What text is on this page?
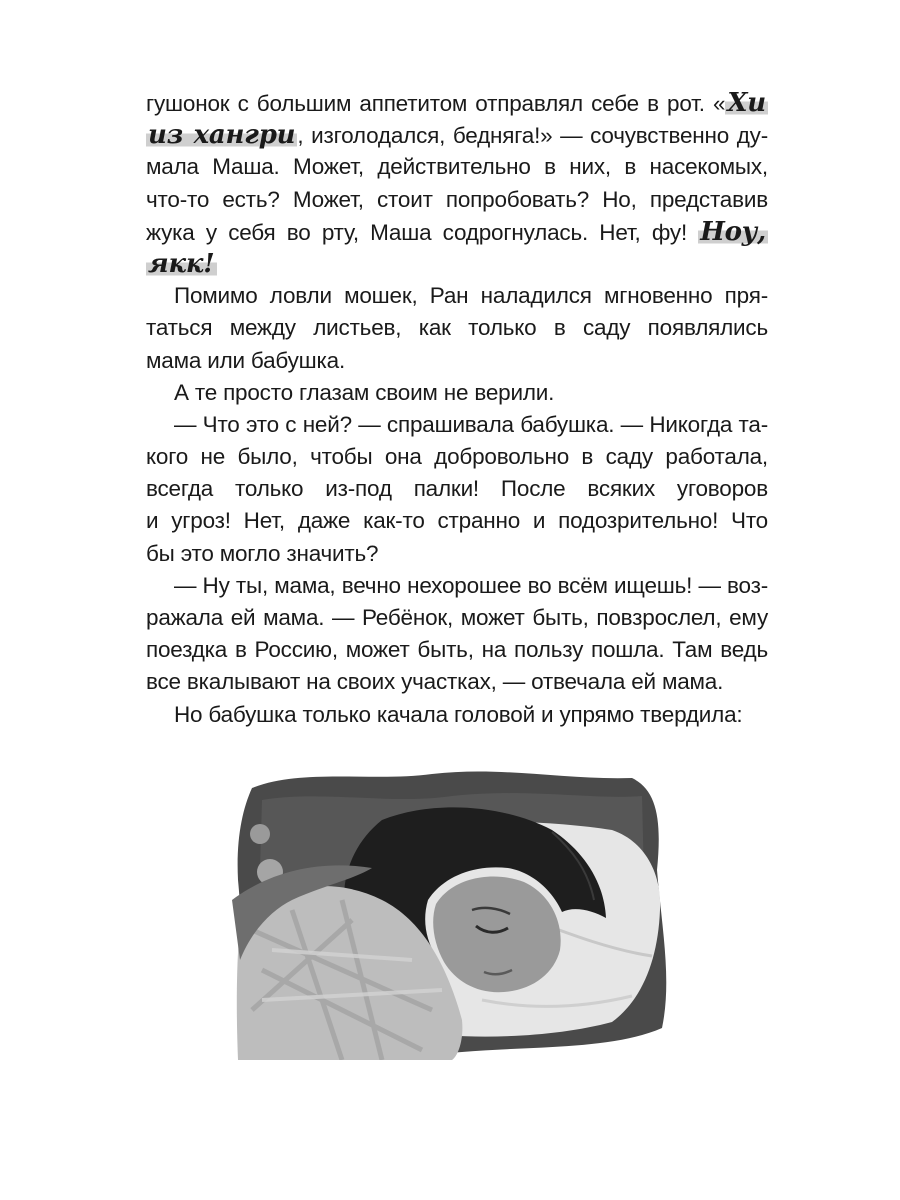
гушонок с большим аппетитом отправлял себе в рот. «Хи
из хангри, изголодался, бедняга!» — сочувственно ду-
мала Маша. Может, действительно в них, в насекомых,
что-то есть? Может, стоит попробовать? Но, представив
жука у себя во рту, Маша содрогнулась. Нет, фу! Ноу,
якк!
Помимо ловли мошек, Ран наладился мгновенно пря-
таться между листьев, как только в саду появлялись
мама или бабушка.
А те просто глазам своим не верили.
— Что это с ней? — спрашивала бабушка. — Никогда та-
кого не было, чтобы она добровольно в саду работала,
всегда только из-под палки! После всяких уговоров
и угроз! Нет, даже как-то странно и подозрительно! Что
бы это могло значить?
— Ну ты, мама, вечно нехорошее во всём ищешь! — воз-
ражала ей мама. — Ребёнок, может быть, повзрослел, ему
поездка в Россию, может быть, на пользу пошла. Там ведь
все вкалывают на своих участках, — отвечала ей мама.
Но бабушка только качала головой и упрямо твердила:
